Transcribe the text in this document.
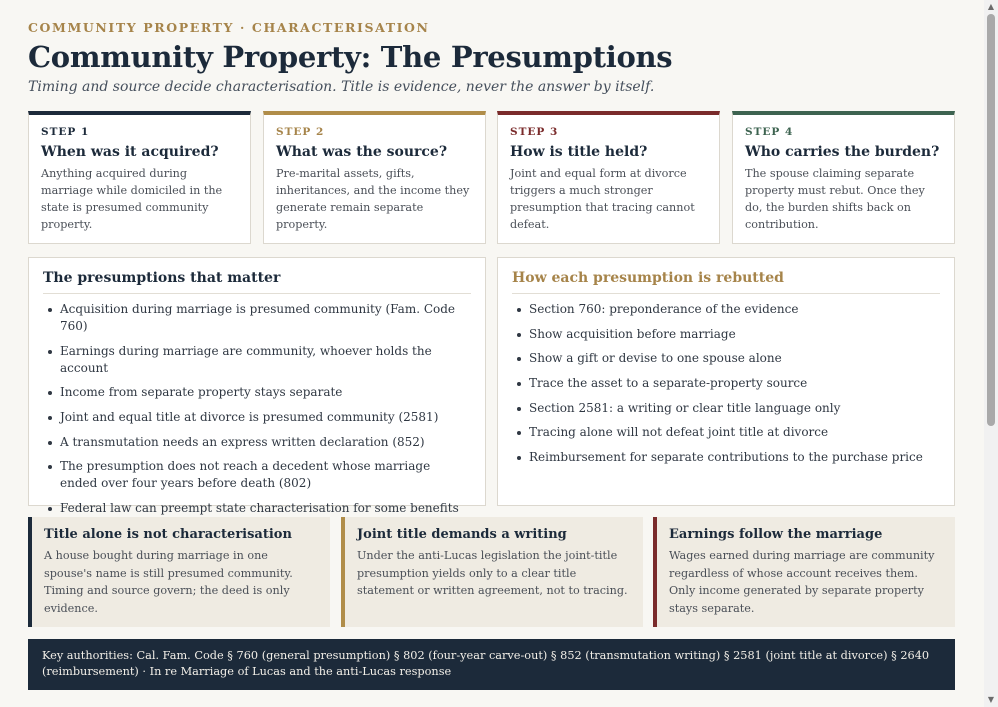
COMMUNITY PROPERTY · CHARACTERISATION
Community Property: The Presumptions
Timing and source decide characterisation. Title is evidence, never the answer by itself.
STEP 1
When was it acquired?
Anything acquired during marriage while domiciled in the state is presumed community property.
STEP 2
What was the source?
Pre-marital assets, gifts, inheritances, and the income they generate remain separate property.
STEP 3
How is title held?
Joint and equal form at divorce triggers a much stronger presumption that tracing cannot defeat.
STEP 4
Who carries the burden?
The spouse claiming separate property must rebut. Once they do, the burden shifts back on contribution.
The presumptions that matter
Acquisition during marriage is presumed community (Fam. Code 760)
Earnings during marriage are community, whoever holds the account
Income from separate property stays separate
Joint and equal title at divorce is presumed community (2581)
A transmutation needs an express written declaration (852)
The presumption does not reach a decedent whose marriage ended over four years before death (802)
Federal law can preempt state characterisation for some benefits
How each presumption is rebutted
Section 760: preponderance of the evidence
Show acquisition before marriage
Show a gift or devise to one spouse alone
Trace the asset to a separate-property source
Section 2581: a writing or clear title language only
Tracing alone will not defeat joint title at divorce
Reimbursement for separate contributions to the purchase price
Title alone is not characterisation
A house bought during marriage in one spouse's name is still presumed community. Timing and source govern; the deed is only evidence.
Joint title demands a writing
Under the anti-Lucas legislation the joint-title presumption yields only to a clear title statement or written agreement, not to tracing.
Earnings follow the marriage
Wages earned during marriage are community regardless of whose account receives them. Only income generated by separate property stays separate.
Key authorities: Cal. Fam. Code § 760 (general presumption) § 802 (four-year carve-out) § 852 (transmutation writing) § 2581 (joint title at divorce) § 2640 (reimbursement) · In re Marriage of Lucas and the anti-Lucas response
▲
▼
